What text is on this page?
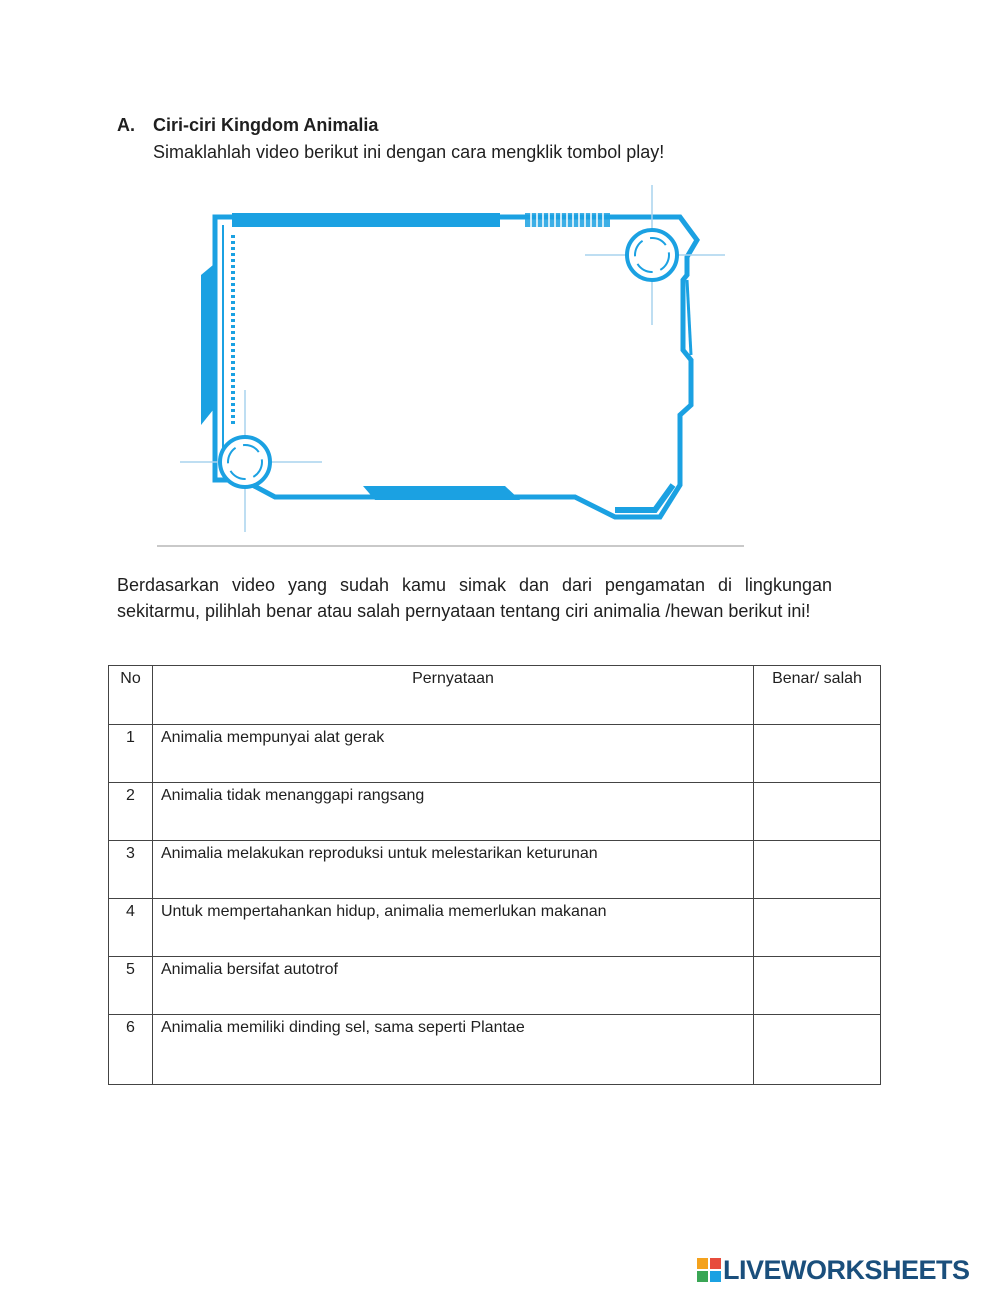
A. Ciri-ciri Kingdom Animalia
Simaklahlah video berikut ini dengan cara mengklik tombol play!
Berdasarkan video yang sudah kamu simak dan dari pengamatan di lingkungan sekitarmu, pilihlah benar atau salah pernyataan tentang ciri animalia /hewan berikut ini!
No	Pernyataan	Benar/ salah
1	Animalia mempunyai alat gerak	
2	Animalia tidak menanggapi rangsang	
3	Animalia melakukan reproduksi untuk melestarikan keturunan	
4	Untuk mempertahankan hidup, animalia memerlukan makanan	
5	Animalia bersifat autotrof	
6	Animalia memiliki dinding sel, sama seperti Plantae	
LIVEWORKSHEETS
